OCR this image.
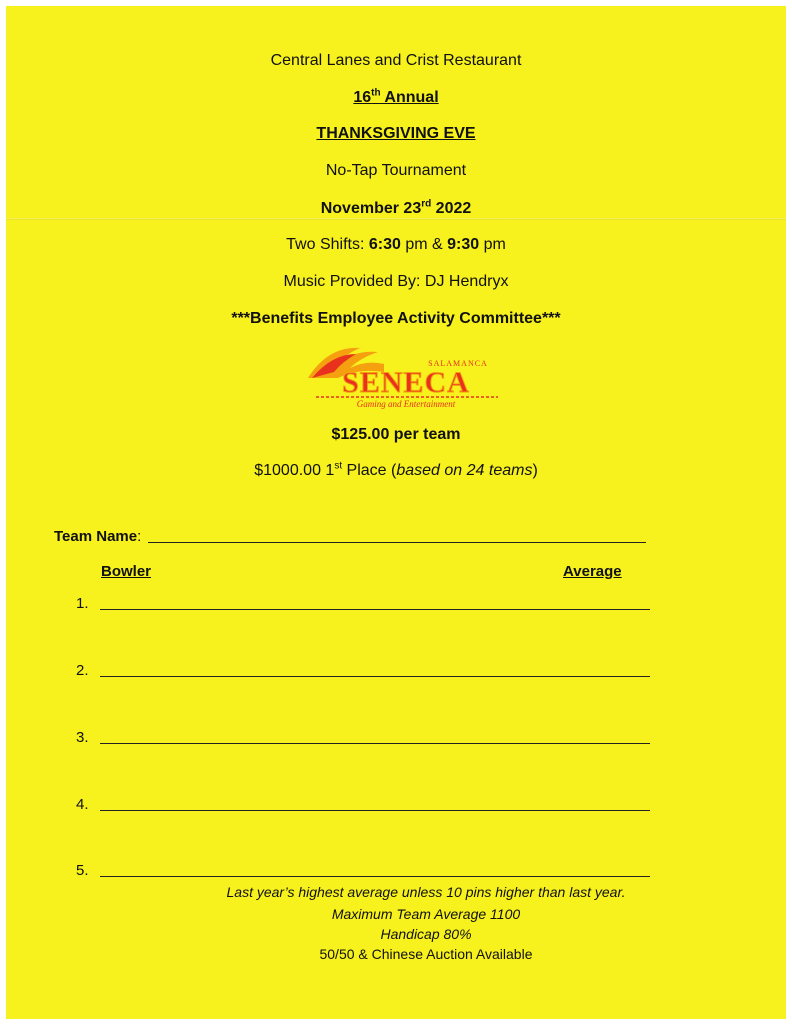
Central Lanes and Crist Restaurant
16th Annual
THANKSGIVING EVE
No-Tap Tournament
November 23rd 2022
Two Shifts: 6:30 pm & 9:30 pm
Music Provided By: DJ Hendryx
***Benefits Employee Activity Committee***
SALAMANCA
SENECA
Gaming and Entertainment
$125.00 per team
$1000.00 1st Place (based on 24 teams)
Team Name:
Bowler	Average
1.
2.
3.
4.
5.
Last year’s highest average unless 10 pins higher than last year.
Maximum Team Average 1100
Handicap 80%
50/50 & Chinese Auction Available
